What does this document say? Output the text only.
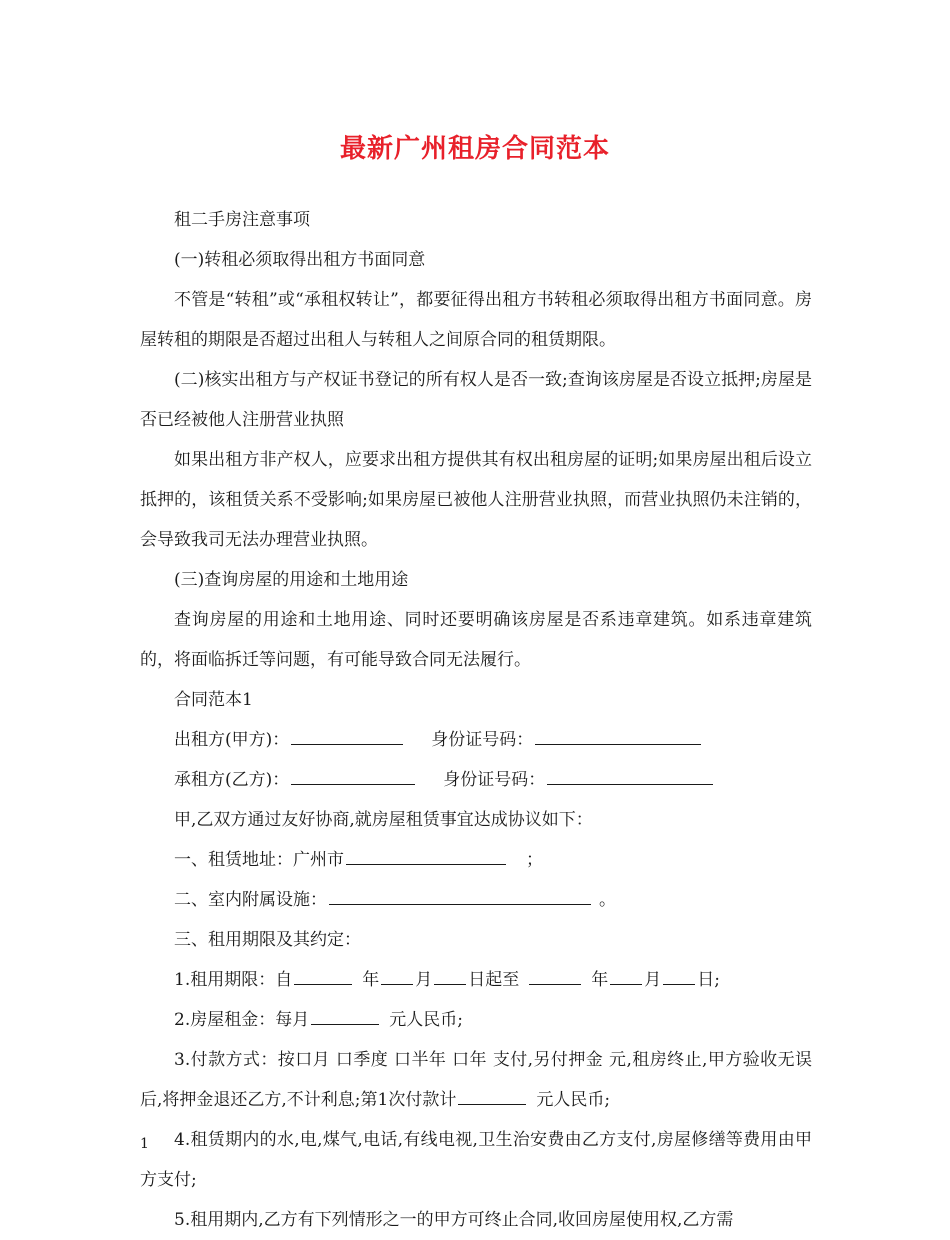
最新广州租房合同范本

租二手房注意事项

(一)转租必须取得出租方书面同意

不管是“转租”或“承租权转让”，都要征得出租方书转租必须取得出租方书面同意。房屋转租的期限是否超过出租人与转租人之间原合同的租赁期限。

(二)核实出租方与产权证书登记的所有权人是否一致;查询该房屋是否设立抵押;房屋是否已经被他人注册营业执照

如果出租方非产权人，应要求出租方提供其有权出租房屋的证明;如果房屋出租后设立抵押的，该租赁关系不受影响;如果房屋已被他人注册营业执照，而营业执照仍未注销的，会导致我司无法办理营业执照。

(三)查询房屋的用途和土地用途

查询房屋的用途和土地用途、同时还要明确该房屋是否系违章建筑。如系违章建筑的，将面临拆迁等问题，有可能导致合同无法履行。

合同范本1

出租方(甲方)：	身份证号码：

承租方(乙方)：	身份证号码：

甲,乙双方通过友好协商,就房屋租赁事宜达成协议如下：

一、租赁地址：广州市	；

二、室内附属设施：	。

三、租用期限及其约定：

1.租用期限：自	年 月 日起至	年 月 日;

2.房屋租金：每月	元人民币;

3.付款方式：按口月 口季度 口半年 口年 支付,另付押金 元,租房终止,甲方验收无误后,将押金退还乙方,不计利息;第1次付款计	元人民币;

4.租赁期内的水,电,煤气,电话,有线电视,卫生治安费由乙方支付,房屋修缮等费用由甲方支付;

5.租用期内,乙方有下列情形之一的甲方可终止合同,收回房屋使用权,乙方需

1
